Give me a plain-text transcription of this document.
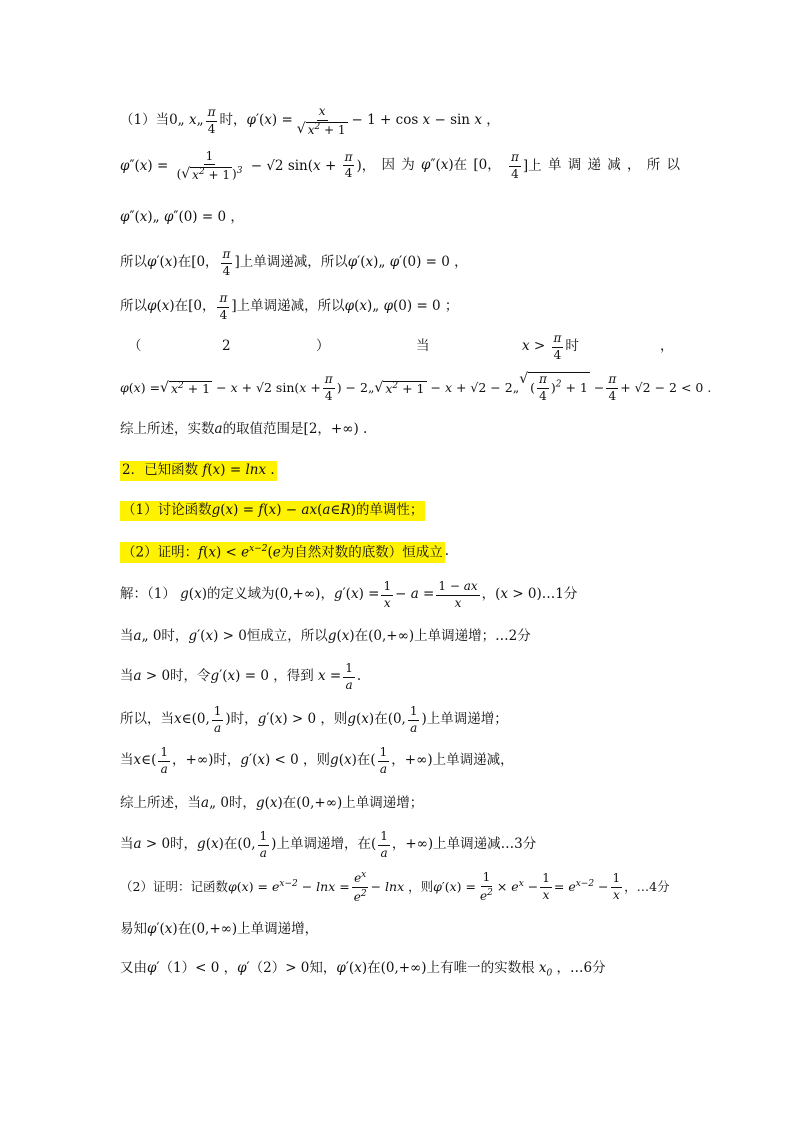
（1）当0„ x„ $\frac{\pi}{4}$ 时，$\varphi'(x) = \frac{x}{√ x^2 + 1} - 1 + \cos x - \sin x$ ，
$\varphi''(x) = \frac{1}{( √ x^2 + 1 )^3} - √2$ $\sin(x + \frac{\pi}{4}$ )， 因 为 φ″(x)在 [0， $\frac{\pi}{4}$ ]上 单 调 递 减 ， 所 以
φ″(x)„ φ″(0) = 0 ，
所以φ′(x)在[0， $\frac{\pi}{4}$ ]上单调递减，所以φ′(x)„ φ′(0) = 0 ，
所以φ(x)在[0， $\frac{\pi}{4}$ ]上单调递减，所以φ(x)„ φ(0) = 0 ；
（	2	）	当	$x > \frac{\pi}{4}$ 时	，
φ(x) = √ $x^2 + 1 - x + √2$ $\sin(x + \frac{\pi}{4}$ ) − 2„ √ $x^2 + 1 - x + √2$ − 2„
√
( $\frac{\pi}{4} )^2 + 1 - \frac{\pi}{4} + √2 - 2 < 0$ .
综上所述，实数a的取值范围是[2，+∞) .
2．已知函数 f(x) = lnx .
（1）讨论函数g(x) = f(x) − ax(a∈R)的单调性；
（2）证明：$f(x) < e^{x-2}(e$为自然对数的底数）恒成立 .
解：（1） g(x)的定义域为(0,+∞)，$g'(x) = \frac{1}{x} - a = \frac{1 - ax}{x}$ ，(x > 0)…1分
当a„ 0时，g′(x) > 0恒成立，所以g(x)在(0,+∞)上单调递增；…2分
当a > 0时，令g′(x) = 0 ，得到 $x = \frac{1}{a}$ .
所以，当x∈(0, $\frac{1}{a}$ )时，g′(x) > 0 ，则g(x)在(0, $\frac{1}{a}$ )上单调递增；
当x∈( $\frac{1}{a}$ ，+∞)时，g′(x) < 0 ，则g(x)在( $\frac{1}{a}$ ，+∞)上单调递减，
综上所述，当a„ 0时，g(x)在(0,+∞)上单调递增；
当a > 0时，g(x)在(0, $\frac{1}{a}$ )上单调递增，在( $\frac{1}{a}$ ，+∞)上单调递减…3分
（2）证明：记函数$\varphi(x) = e^{x-2} - \ln x = \frac{e^x}{e^2} - \ln x$ ，则$\varphi'(x) = \frac{1}{e^2} \times e^x - \frac{1}{x} = e^{x-2} - \frac{1}{x}$ ，…4分
易知φ′(x)在(0,+∞)上单调递增，
又由φ′（1）< 0 ，φ′（2）> 0知，φ′(x)在(0,+∞)上有唯一的实数根 $x_0$ ，…6分
